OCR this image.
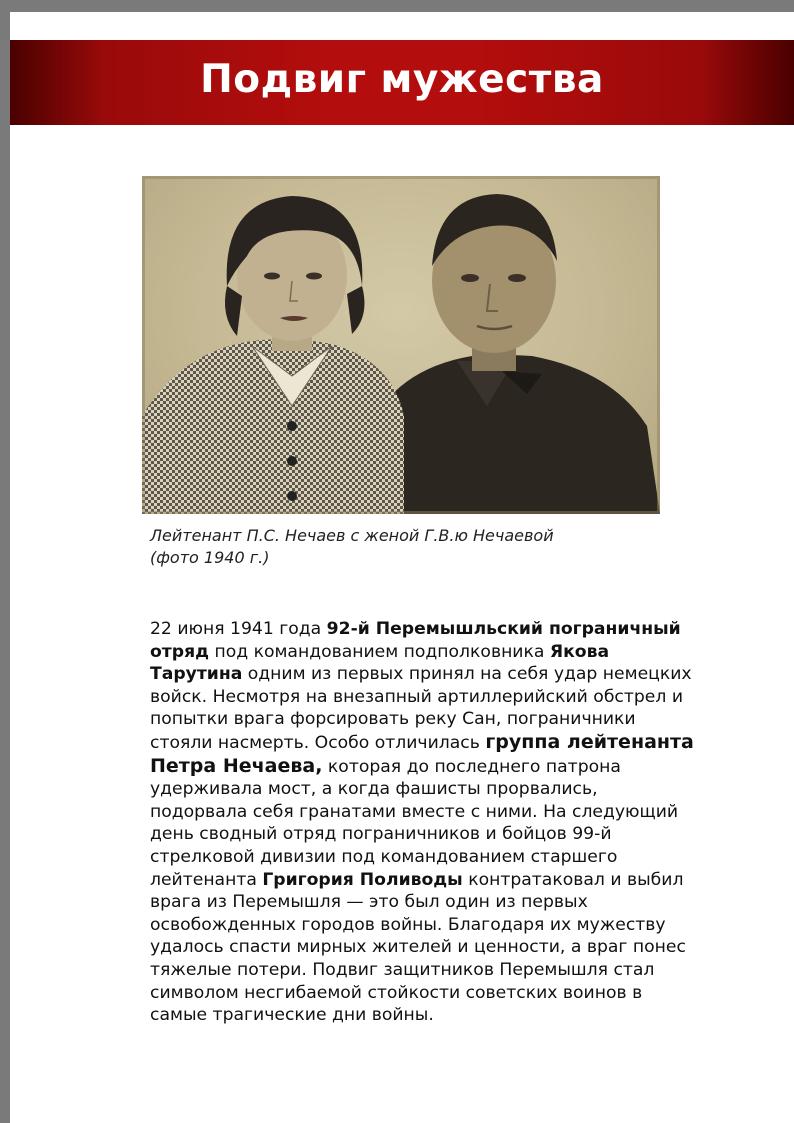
Подвиг мужества
Лейтенант П.С. Нечаев с женой Г.В.ю Нечаевой
(фото 1940 г.)
22 июня 1941 года 92-й Перемышльский пограничный отряд под командованием подполковника Якова Тарутина одним из первых принял на себя удар немецких войск. Несмотря на внезапный артиллерийский обстрел и попытки врага форсировать реку Сан, пограничники стояли насмерть. Особо отличилась группа лейтенанта Петра Нечаева, которая до последнего патрона удерживала мост, а когда фашисты прорвались, подорвала себя гранатами вместе с ними. На следующий день сводный отряд пограничников и бойцов 99-й стрелковой дивизии под командованием старшего лейтенанта Григория Поливоды контратаковал и выбил врага из Перемышля — это был один из первых освобожденных городов войны. Благодаря их мужеству удалось спасти мирных жителей и ценности, а враг понес тяжелые потери. Подвиг защитников Перемышля стал символом несгибаемой стойкости советских воинов в самые трагические дни войны.
